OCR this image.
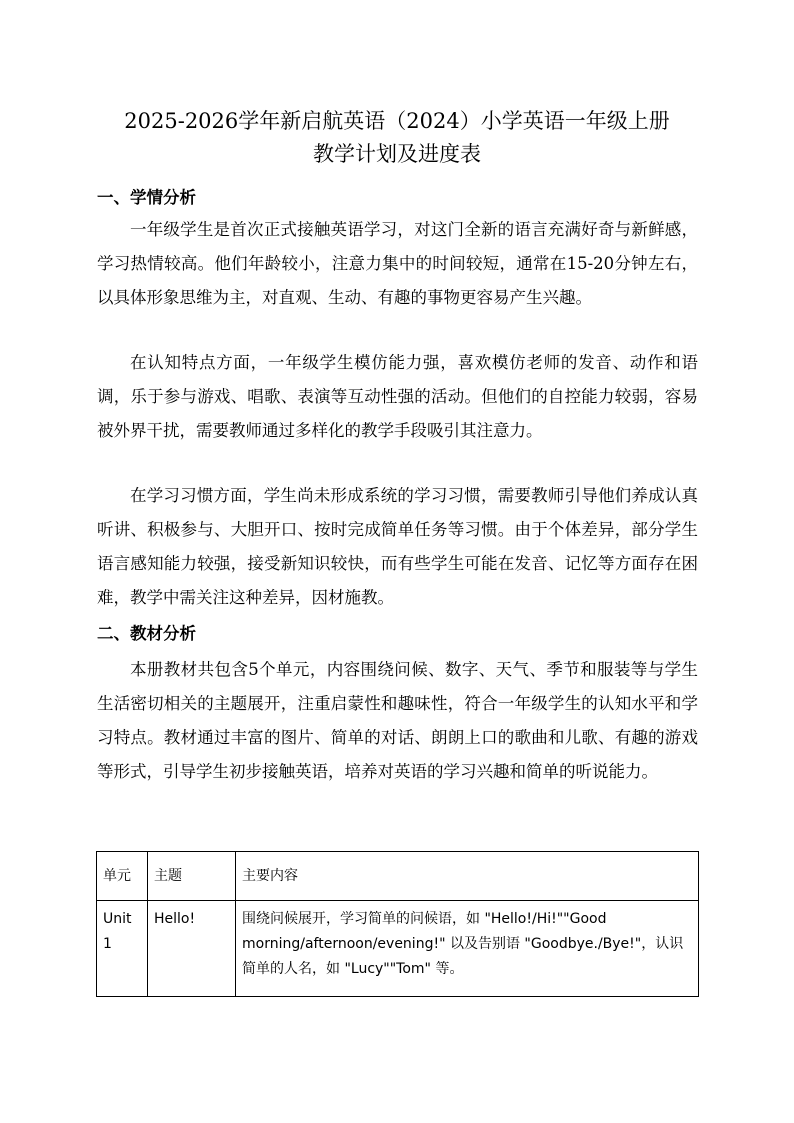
2025-2026学年新启航英语（2024）小学英语一年级上册
教学计划及进度表
一、学情分析

一年级学生是首次正式接触英语学习，对这门全新的语言充满好奇与新鲜感，学习热情较高。他们年龄较小，注意力集中的时间较短，通常在15-20分钟左右，以具体形象思维为主，对直观、生动、有趣的事物更容易产生兴趣。

在认知特点方面，一年级学生模仿能力强，喜欢模仿老师的发音、动作和语调，乐于参与游戏、唱歌、表演等互动性强的活动。但他们的自控能力较弱，容易被外界干扰，需要教师通过多样化的教学手段吸引其注意力。

在学习习惯方面，学生尚未形成系统的学习习惯，需要教师引导他们养成认真听讲、积极参与、大胆开口、按时完成简单任务等习惯。由于个体差异，部分学生语言感知能力较强，接受新知识较快，而有些学生可能在发音、记忆等方面存在困难，教学中需关注这种差异，因材施教。

二、教材分析

本册教材共包含5个单元，内容围绕问候、数字、天气、季节和服装等与学生生活密切相关的主题展开，注重启蒙性和趣味性，符合一年级学生的认知水平和学习特点。教材通过丰富的图片、简单的对话、朗朗上口的歌曲和儿歌、有趣的游戏等形式，引导学生初步接触英语，培养对英语的学习兴趣和简单的听说能力。

单元	主题	主要内容
Unit 1	Hello!	围绕问候展开，学习简单的问候语，如 "Hello!/Hi!""Good morning/afternoon/evening!" 以及告别语 "Goodbye./Bye!"，认识简单的人名，如 "Lucy""Tom" 等。
